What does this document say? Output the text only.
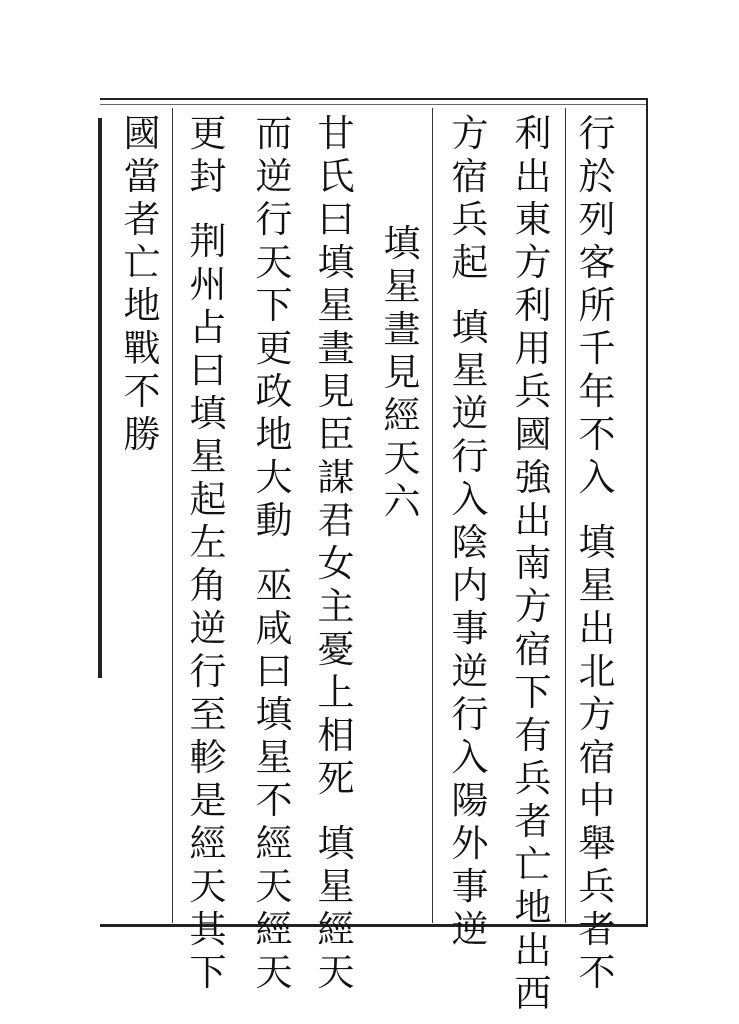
行
於
列
客
所
千
年
不
入

填
星
出
北
方
宿
中
舉
兵
者
不
利
出
東
方
利
用
兵
國
強
出
南
方
宿
下
有
兵
者
亡
地
出
西
方
宿
兵
起

填
星
逆
行
入
陰
内
事
逆
行
入
陽
外
事
逆

填
星
晝
見
經
天
六
甘
氏
曰
填
星
晝
見
臣
謀
君
女
主
憂
上
相
死

填
星
經
天
而
逆
行
天
下
更
政
地
大
動

巫
咸
曰
填
星
不
經
天
經
天
更
封

荆
州
占
曰
填
星
起
左
角
逆
行
至
軫
是
經
天
其
下
國
當
者
亡
地
戰
不
勝
